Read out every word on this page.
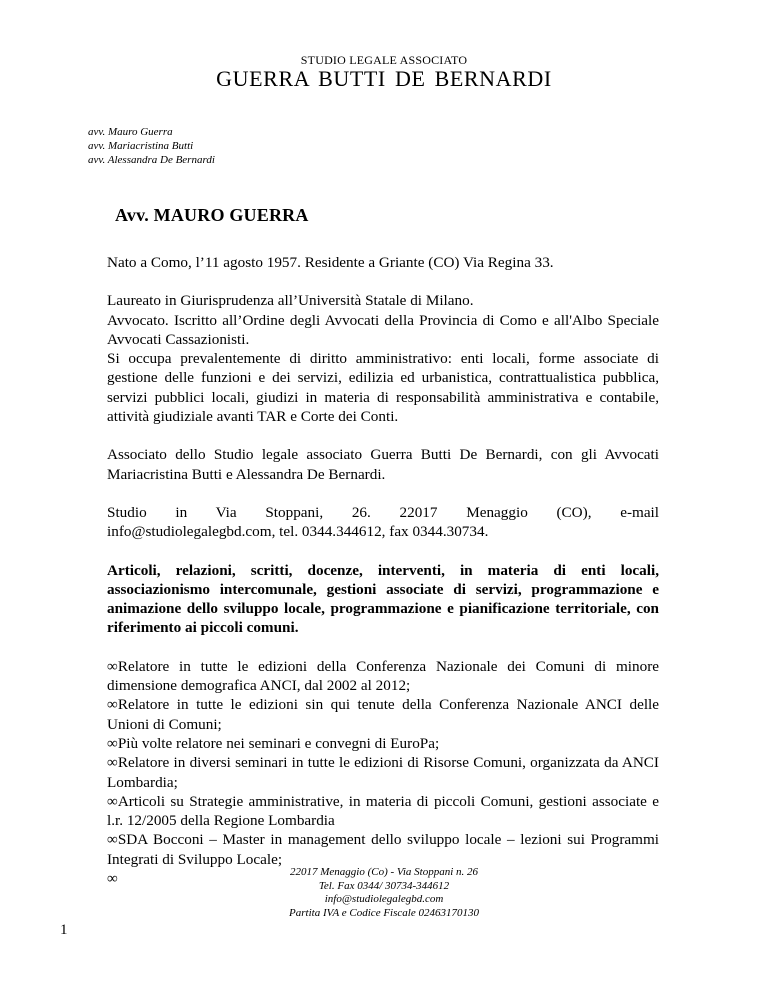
STUDIO LEGALE ASSOCIATO
GUERRA BUTTI DE BERNARDI
avv. Mauro Guerra
avv. Mariacristina Butti
avv. Alessandra De Bernardi
Avv. MAURO GUERRA

Nato a Como, l’11 agosto 1957. Residente a Griante (CO) Via Regina 33.

Laureato in Giurisprudenza all’Università Statale di Milano.
Avvocato. Iscritto all’Ordine degli Avvocati della Provincia di Como e all'Albo Speciale Avvocati Cassazionisti.
Si occupa prevalentemente di diritto amministrativo: enti locali, forme associate di gestione delle funzioni e dei servizi, edilizia ed urbanistica, contrattualistica pubblica, servizi pubblici locali, giudizi in materia di responsabilità amministrativa e contabile, attività giudiziale avanti TAR e Corte dei Conti.

Associato dello Studio legale associato Guerra Butti De Bernardi, con gli Avvocati Mariacristina Butti e Alessandra De Bernardi.

Studio in Via Stoppani, 26. 22017 Menaggio (CO), e-mail
info@studiolegalegbd.com, tel. 0344.344612, fax 0344.30734.

Articoli, relazioni, scritti, docenze, interventi, in materia di enti locali, associazionismo intercomunale, gestioni associate di servizi, programmazione e animazione dello sviluppo locale, programmazione e pianificazione territoriale, con riferimento ai piccoli comuni.

∞Relatore in tutte le edizioni della Conferenza Nazionale dei Comuni di minore dimensione demografica ANCI, dal 2002 al 2012;
∞Relatore in tutte le edizioni sin qui tenute della Conferenza Nazionale ANCI delle Unioni di Comuni;
∞Più volte relatore nei seminari e convegni di EuroPa;
∞Relatore in diversi seminari in tutte le edizioni di Risorse Comuni, organizzata da ANCI Lombardia;
∞Articoli su Strategie amministrative, in materia di piccoli Comuni, gestioni associate e l.r. 12/2005 della Regione Lombardia
∞SDA Bocconi – Master in management dello sviluppo locale – lezioni sui Programmi Integrati di Sviluppo Locale;
∞	22017 Menaggio (Co) - Via Stoppani n. 26
Tel. Fax 0344/ 30734-344612
info@studiolegalegbd.com
Partita IVA e Codice Fiscale 02463170130
1
